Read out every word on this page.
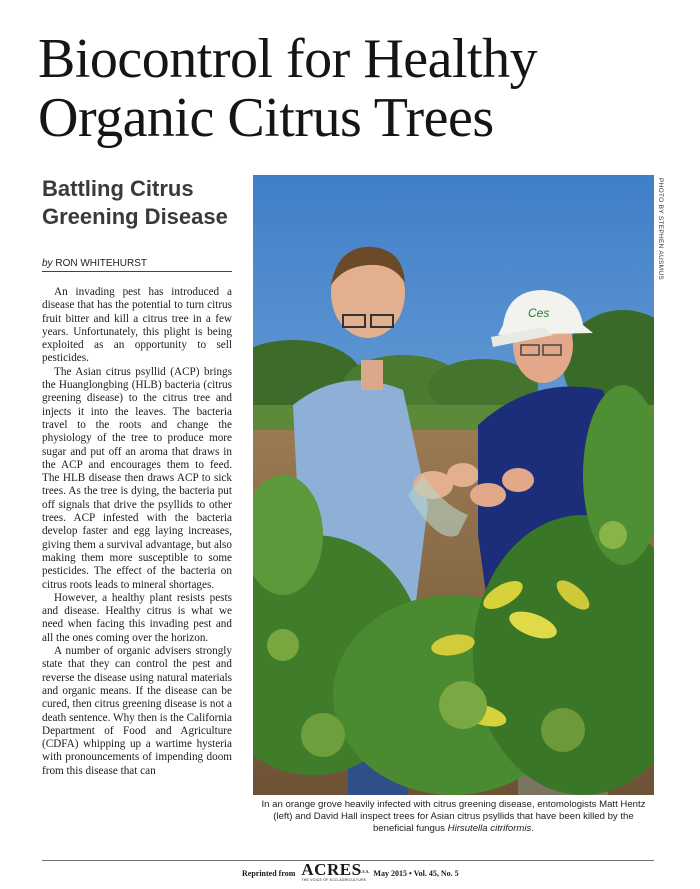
Biocontrol for Healthy Organic Citrus Trees
Battling Citrus Greening Disease
by RON WHITEHURST

An invading pest has introduced a disease that has the potential to turn citrus fruit bitter and kill a citrus tree in a few years. Unfortunately, this plight is being exploited as an opportunity to sell pesticides.

The Asian citrus psyllid (ACP) brings the Huanglongbing (HLB) bacteria (citrus greening disease) to the citrus tree and injects it into the leaves. The bacteria travel to the roots and change the physiology of the tree to produce more sugar and put off an aroma that draws in the ACP and encourages them to feed. The HLB disease then draws ACP to sick trees. As the tree is dying, the bacteria put off signals that drive the psyllids to other trees. ACP infested with the bacteria develop faster and egg laying increases, giving them a survival advantage, but also making them more susceptible to some pesticides. The effect of the bacteria on citrus roots leads to mineral shortages.

However, a healthy plant resists pests and disease. Healthy citrus is what we need when facing this invading pest and all the ones coming over the horizon.

A number of organic advisers strongly state that they can control the pest and reverse the disease using natural materials and organic means. If the disease can be cured, then citrus greening disease is not a death sentence. Why then is the California Department of Food and Agriculture (CDFA) whipping up a wartime hysteria with pronouncements of impending doom from this disease that can

Ces
PHOTO BY STEPHEN AUSMUS
In an orange grove heavily infected with citrus greening disease, entomologists Matt Hentz (left) and David Hall inspect trees for Asian citrus psyllids that have been killed by the beneficial fungus Hirsutella citriformis.
Reprinted from ACRES
U.S.A.
THE VOICE OF ECO-AGRICULTURE
May 2015 • Vol. 45, No. 5
